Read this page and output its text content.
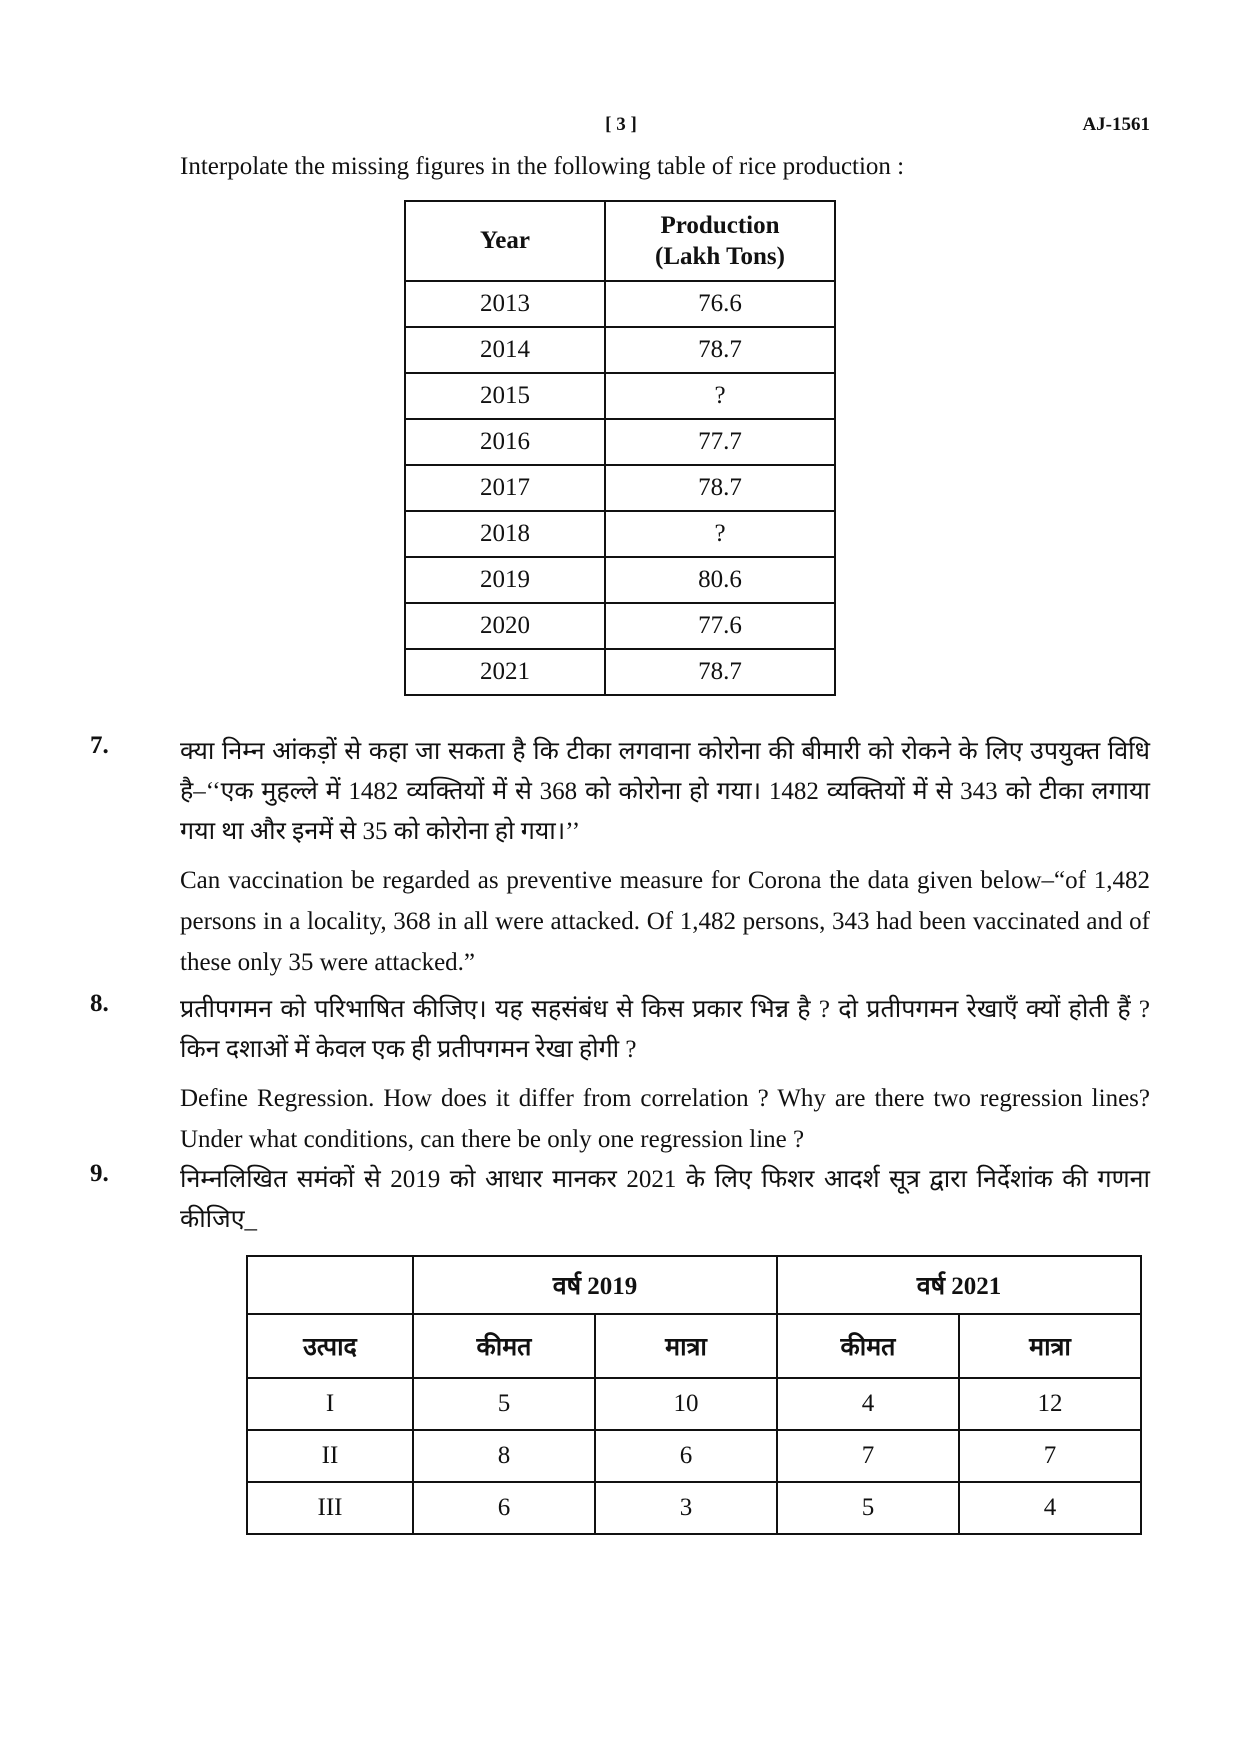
[ 3 ]	AJ-1561
Interpolate the missing figures in the following table of rice production :
Year	Production
(Lakh Tons)
2013	76.6
2014	78.7
2015	?
2016	77.7
2017	78.7
2018	?
2019	80.6
2020	77.6
2021	78.7
7.	क्या निम्न आंकड़ों से कहा जा सकता है कि टीका लगवाना कोरोना की बीमारी को रोकने के लिए उपयुक्त विधि है–‘‘एक मुहल्ले में 1482 व्यक्तियों में से 368 को कोरोना हो गया। 1482 व्यक्तियों में से 343 को टीका लगाया गया था और इनमें से 35 को कोरोना हो गया।’’

Can vaccination be regarded as preventive measure for Corona the data given below–“of 1,482 persons in a locality, 368 in all were attacked. Of 1,482 persons, 343 had been vaccinated and of these only 35 were attacked.”

8.	प्रतीपगमन को परिभाषित कीजिए। यह सहसंबंध से किस प्रकार भिन्न है ? दो प्रतीपगमन रेखाएँ क्यों होती हैं ? किन दशाओं में केवल एक ही प्रतीपगमन रेखा होगी ?

Define Regression. How does it differ from correlation ? Why are there two regression lines? Under what conditions, can there be only one regression line ?

9.	निम्नलिखित समंकों से 2019 को आधार मानकर 2021 के लिए फिशर आदर्श सूत्र द्वारा निर्देशांक की गणना कीजिए_

	वर्ष 2019		वर्ष 2021	
उत्पाद	कीमत	मात्रा	कीमत	मात्रा
I	5	10	4	12
II	8	6	7	7
III	6	3	5	4
